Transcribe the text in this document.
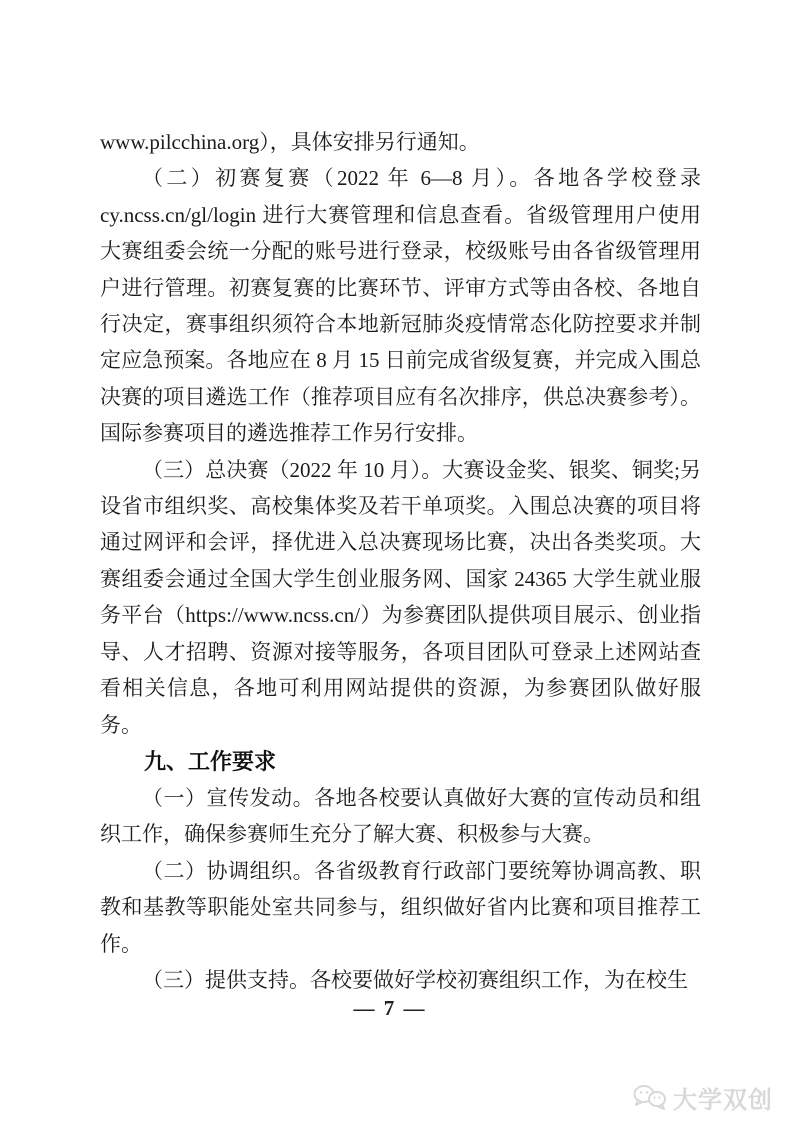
www.pilcchina.org），具体安排另行通知。

（二）初赛复赛（2022 年 6—8 月）。各地各学校登录 cy.ncss.cn/gl/login 进行大赛管理和信息查看。省级管理用户使用大赛组委会统一分配的账号进行登录，校级账号由各省级管理用户进行管理。初赛复赛的比赛环节、评审方式等由各校、各地自行决定，赛事组织须符合本地新冠肺炎疫情常态化防控要求并制定应急预案。各地应在 8 月 15 日前完成省级复赛，并完成入围总决赛的项目遴选工作（推荐项目应有名次排序，供总决赛参考）。国际参赛项目的遴选推荐工作另行安排。

（三）总决赛（2022 年 10 月）。大赛设金奖、银奖、铜奖;另设省市组织奖、高校集体奖及若干单项奖。入围总决赛的项目将通过网评和会评，择优进入总决赛现场比赛，决出各类奖项。大赛组委会通过全国大学生创业服务网、国家 24365 大学生就业服务平台（https://www.ncss.cn/）为参赛团队提供项目展示、创业指导、人才招聘、资源对接等服务，各项目团队可登录上述网站查看相关信息，各地可利用网站提供的资源，为参赛团队做好服务。

九、工作要求

（一）宣传发动。各地各校要认真做好大赛的宣传动员和组织工作，确保参赛师生充分了解大赛、积极参与大赛。

（二）协调组织。各省级教育行政部门要统筹协调高教、职教和基教等职能处室共同参与，组织做好省内比赛和项目推荐工作。

（三）提供支持。各校要做好学校初赛组织工作，为在校生

— 7 —
大学双创
